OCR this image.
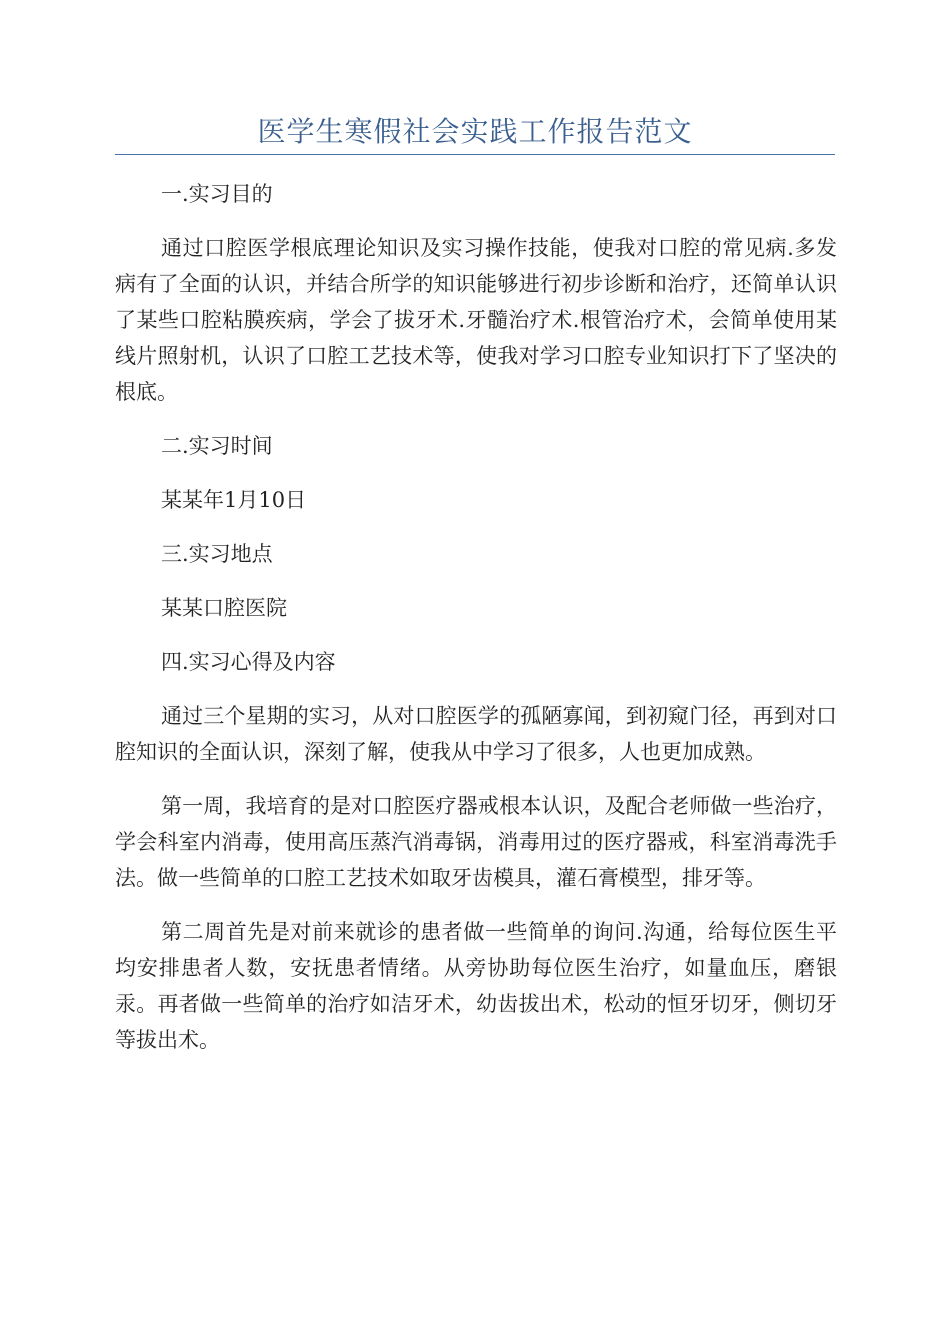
医学生寒假社会实践工作报告范文

一.实习目的

通过口腔医学根底理论知识及实习操作技能，使我对口腔的常见病.多发病有了全面的认识，并结合所学的知识能够进行初步诊断和治疗，还简单认识了某些口腔粘膜疾病，学会了拔牙术.牙髓治疗术.根管治疗术，会简单使用某线片照射机，认识了口腔工艺技术等，使我对学习口腔专业知识打下了坚决的根底。

二.实习时间

某某年1月10日

三.实习地点

某某口腔医院

四.实习心得及内容

通过三个星期的实习，从对口腔医学的孤陋寡闻，到初窥门径，再到对口腔知识的全面认识，深刻了解，使我从中学习了很多，人也更加成熟。

第一周，我培育的是对口腔医疗器戒根本认识，及配合老师做一些治疗，学会科室内消毒，使用高压蒸汽消毒锅，消毒用过的医疗器戒，科室消毒洗手法。做一些简单的口腔工艺技术如取牙齿模具，灌石膏模型，排牙等。

第二周首先是对前来就诊的患者做一些简单的询问.沟通，给每位医生平均安排患者人数，安抚患者情绪。从旁协助每位医生治疗，如量血压，磨银汞。再者做一些简单的治疗如洁牙术，幼齿拔出术，松动的恒牙切牙，侧切牙等拔出术。
